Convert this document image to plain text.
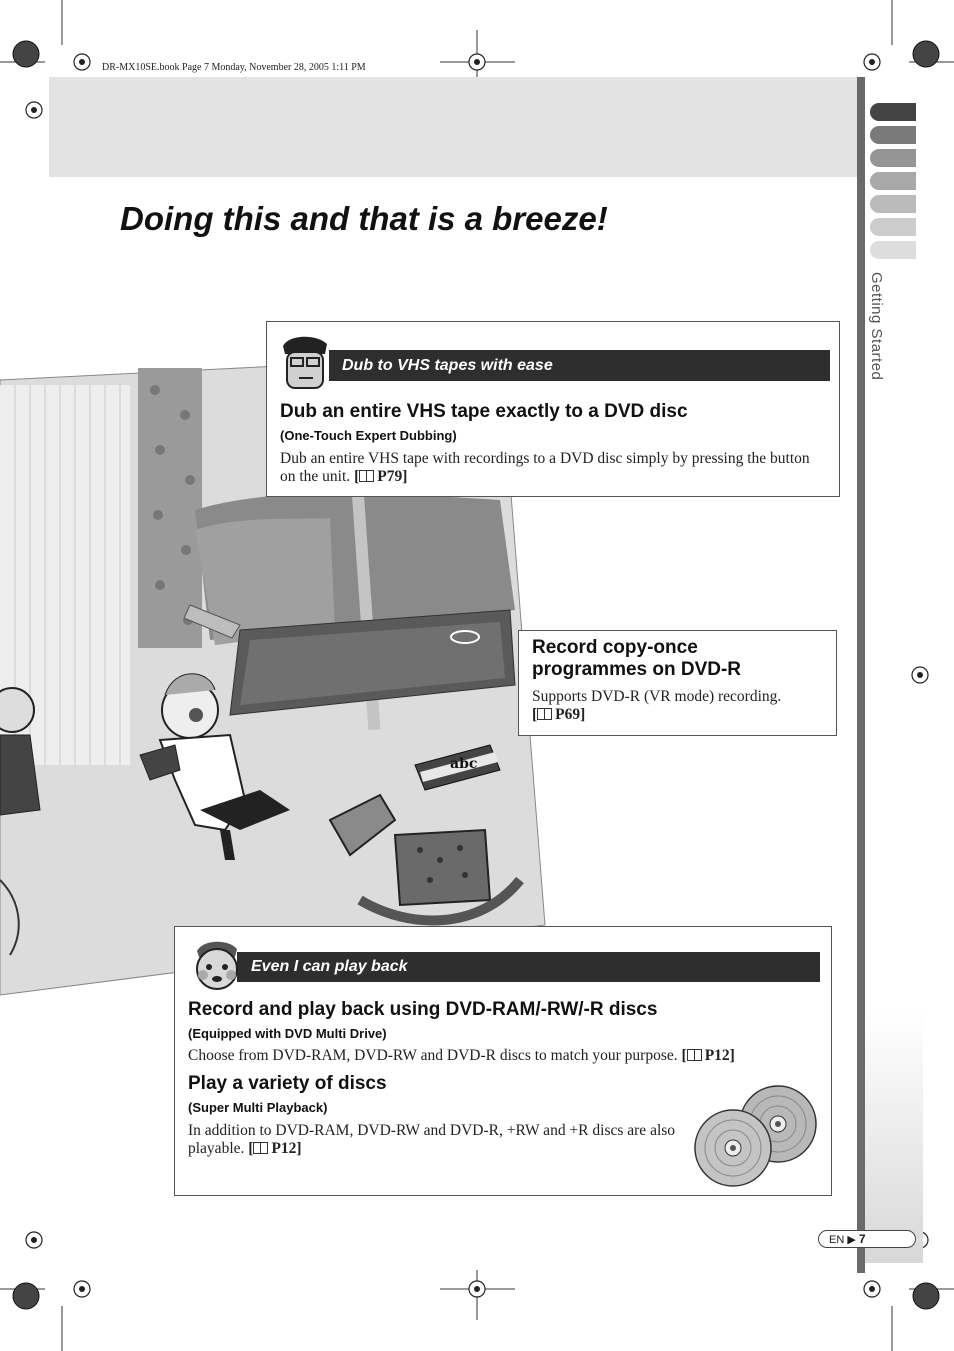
DR-MX10SE.book Page 7 Monday, November 28, 2005 1:11 PM
Getting Started
Doing this and that is a breeze!
abc
Dub to VHS tapes with ease
Dub an entire VHS tape exactly to a DVD disc
(One-Touch Expert Dubbing)
Dub an entire VHS tape with recordings to a DVD disc simply by pressing the button on the unit. [ P79]
Record copy-once
programmes on DVD-R
Supports DVD-R (VR mode) recording.
[ P69]
Even I can play back
Record and play back using DVD-RAM/-RW/-R discs
(Equipped with DVD Multi Drive)
Choose from DVD-RAM, DVD-RW and DVD-R discs to match your purpose. [ P12]
Play a variety of discs
(Super Multi Playback)
In addition to DVD-RAM, DVD-RW and DVD-R, +RW and +R discs are also playable. [ P12]
EN ▶ 7
